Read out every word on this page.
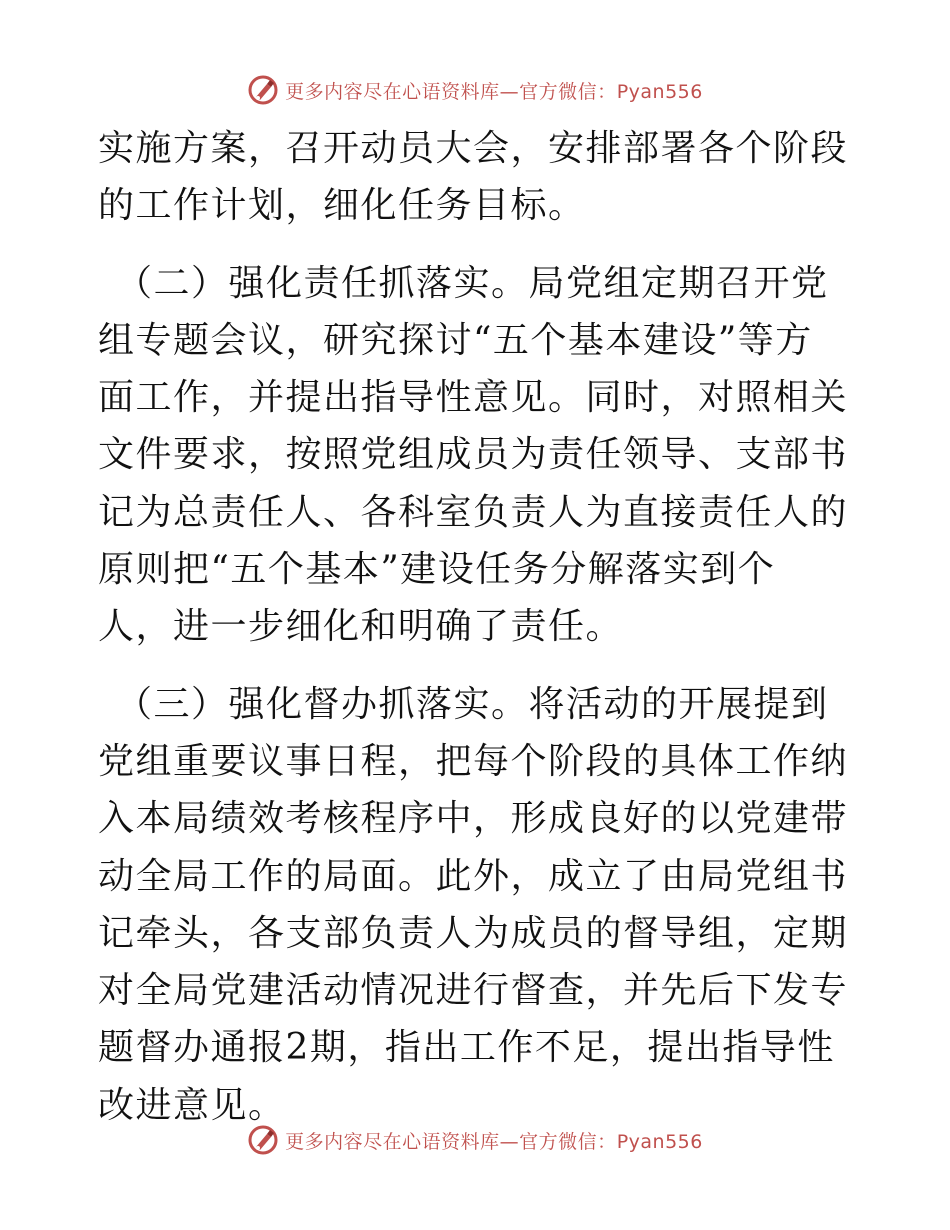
更多内容尽在心语资料库—官方微信：Pyan556

实施方案，召开动员大会，安排部署各个阶段的工作计划，细化任务目标。

（二）强化责任抓落实。局党组定期召开党组专题会议，研究探讨“五个基本建设”等方面工作，并提出指导性意见。同时，对照相关文件要求，按照党组成员为责任领导、支部书记为总责任人、各科室负责人为直接责任人的原则把“五个基本”建设任务分解落实到个人，进一步细化和明确了责任。

（三）强化督办抓落实。将活动的开展提到党组重要议事日程，把每个阶段的具体工作纳入本局绩效考核程序中，形成良好的以党建带动全局工作的局面。此外，成立了由局党组书记牵头，各支部负责人为成员的督导组，定期对全局党建活动情况进行督查，并先后下发专题督办通报2期，指出工作不足，提出指导性改进意见。

更多内容尽在心语资料库—官方微信：Pyan556
